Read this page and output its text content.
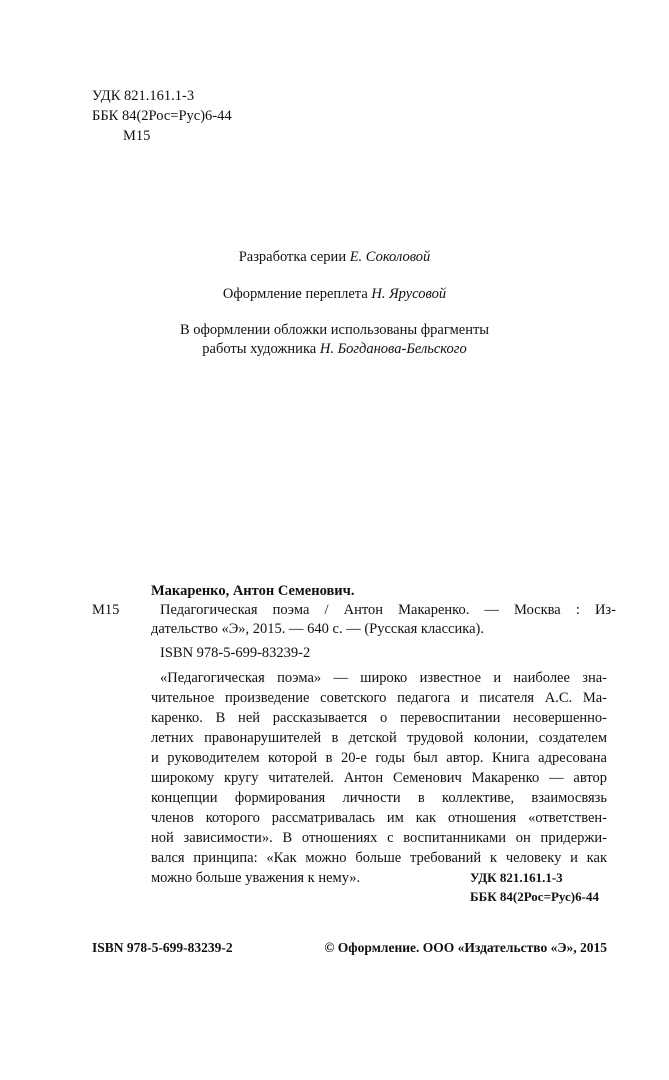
УДК 821.161.1-3
ББК 84(2Рос=Рус)6-44
М15
Разработка серии Е. Соколовой
Оформление переплета Н. Ярусовой
В оформлении обложки использованы фрагменты
работы художника Н. Богданова-Бельского
Макаренко, Антон Семенович.
М15	Педагогическая поэма / Антон Макаренко. — Москва : Из-
дательство «Э», 2015. — 640 с. — (Русская классика).
ISBN 978-5-699-83239-2
«Педагогическая поэма» — широко известное и наиболее зна-
чительное произведение советского педагога и писателя А.С. Ма-
каренко. В ней рассказывается о перевоспитании несовершенно-
летних правонарушителей в детской трудовой колонии, создателем
и руководителем которой в 20-е годы был автор. Книга адресована
широкому кругу читателей. Антон Семенович Макаренко — автор
концепции формирования личности в коллективе, взаимосвязь
членов которого рассматривалась им как отношения «ответствен-
ной зависимости». В отношениях с воспитанниками он придержи-
вался принципа: «Как можно больше требований к человеку и как
можно больше уважения к нему».	УДК 821.161.1-3
ББК 84(2Рос=Рус)6-44
ISBN 978-5-699-83239-2	© Оформление. ООО «Издательство «Э», 2015
